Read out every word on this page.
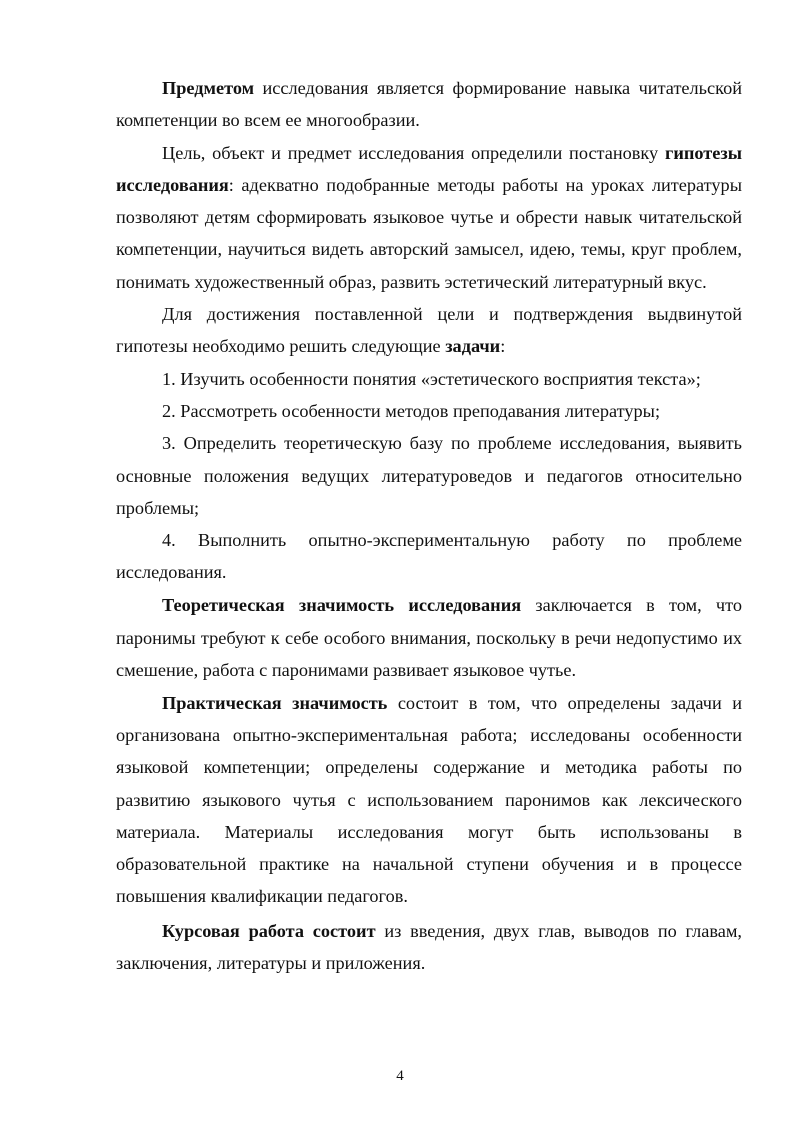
Предметом исследования является формирование навыка читательской компетенции во всем ее многообразии.

Цель, объект и предмет исследования определили постановку гипотезы исследования: адекватно подобранные методы работы на уроках литературы позволяют детям сформировать языковое чутье и обрести навык читательской компетенции, научиться видеть авторский замысел, идею, темы, круг проблем, понимать художественный образ, развить эстетический литературный вкус.

Для достижения поставленной цели и подтверждения выдвинутой гипотезы необходимо решить следующие задачи:

1. Изучить особенности понятия «эстетического восприятия текста»;

2. Рассмотреть особенности методов преподавания литературы;

3. Определить теоретическую базу по проблеме исследования, выявить основные положения ведущих литературоведов и педагогов относительно проблемы;

4. Выполнить опытно-экспериментальную работу по проблеме исследования.

Теоретическая значимость исследования заключается в том, что паронимы требуют к себе особого внимания, поскольку в речи недопустимо их смешение, работа с паронимами развивает языковое чутье.

Практическая значимость состоит в том, что определены задачи и организована опытно-экспериментальная работа; исследованы особенности языковой компетенции; определены содержание и методика работы по развитию языкового чутья с использованием паронимов как лексического материала. Материалы исследования могут быть использованы в образовательной практике на начальной ступени обучения и в процессе повышения квалификации педагогов.

Курсовая работа состоит из введения, двух глав, выводов по главам, заключения, литературы и приложения.

4
